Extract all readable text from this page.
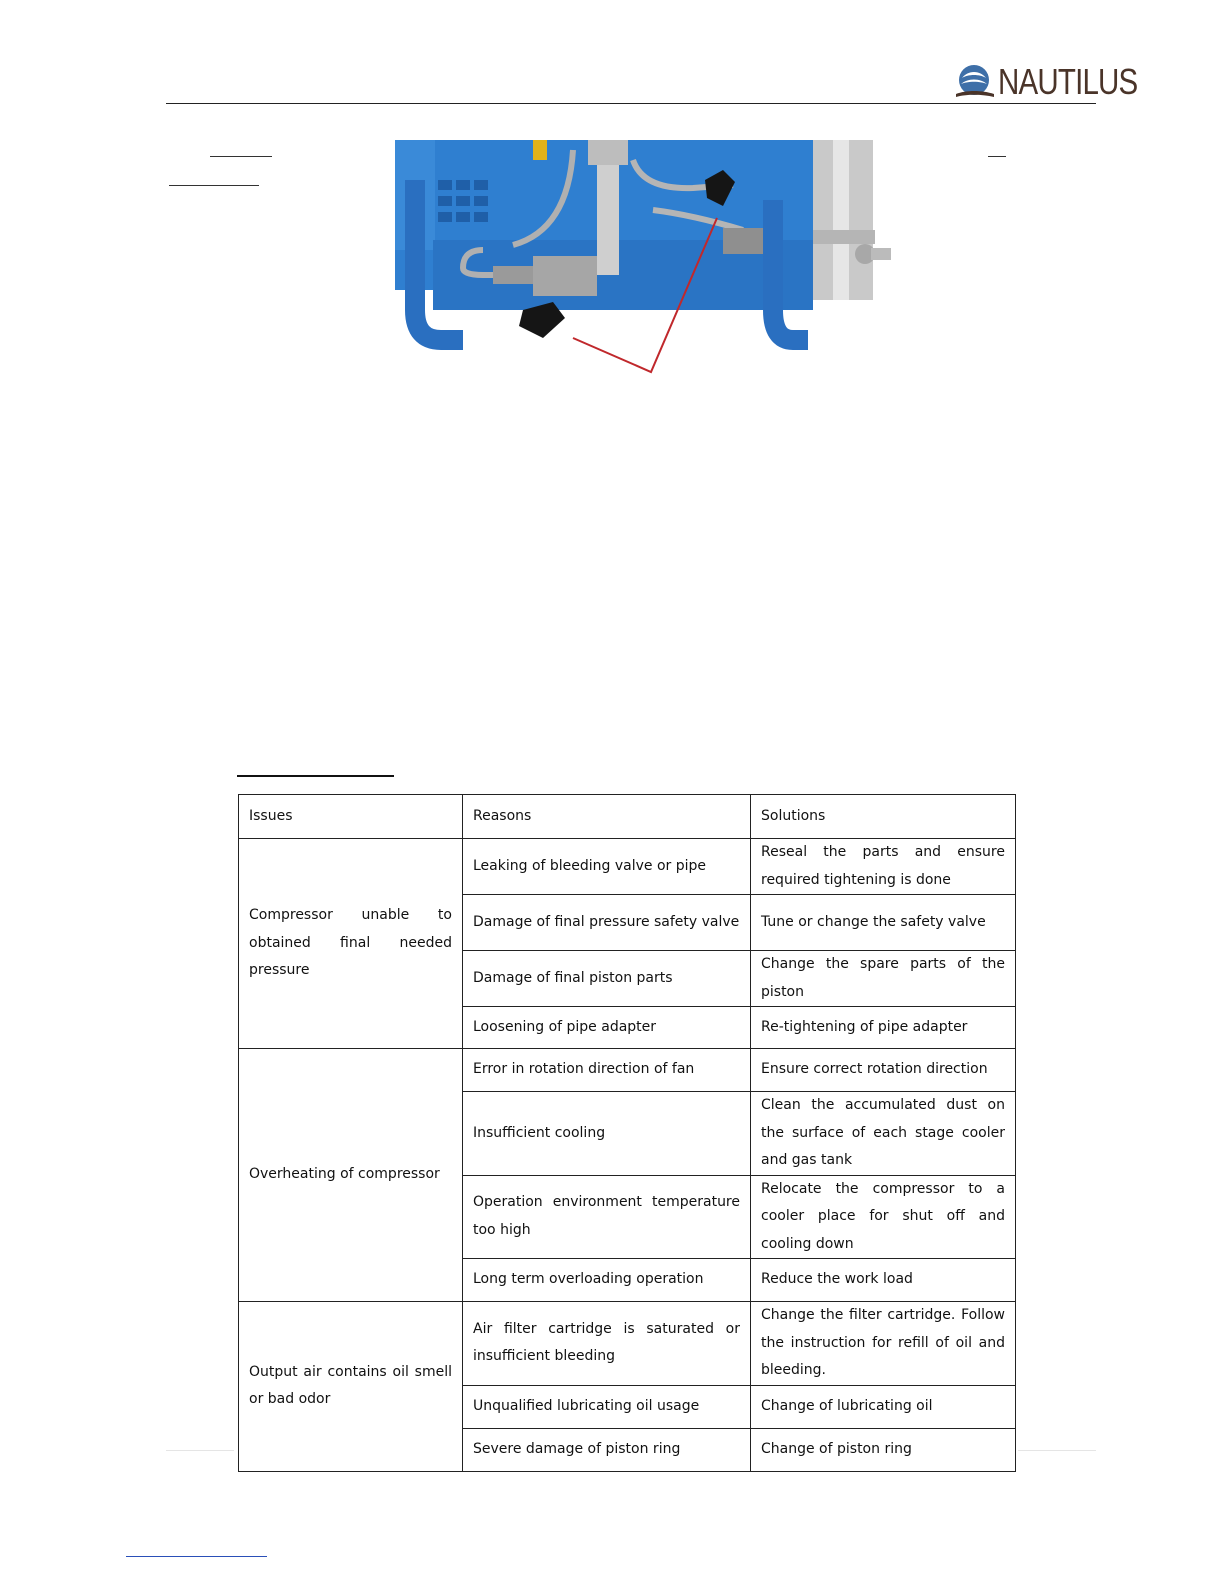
NAUTILUS
Issues	Reasons	Solutions
Compressor unable to obtained final needed pressure	Leaking of bleeding valve or pipe	Reseal the parts and ensure required tightening is done
	Damage of final pressure safety valve	Tune or change the safety valve
	Damage of final piston parts	Change the spare parts of the piston
	Loosening of pipe adapter	Re-tightening of pipe adapter
Overheating of compressor	Error in rotation direction of fan	Ensure correct rotation direction
	Insufficient cooling	Clean the accumulated dust on the surface of each stage cooler and gas tank
	Operation environment temperature too high	Relocate the compressor to a cooler place for shut off and cooling down
	Long term overloading operation	Reduce the work load
Output air contains oil smell or bad odor	Air filter cartridge is saturated or insufficient bleeding	Change the filter cartridge. Follow the instruction for refill of oil and bleeding.
	Unqualified lubricating oil usage	Change of lubricating oil
	Severe damage of piston ring	Change of piston ring
